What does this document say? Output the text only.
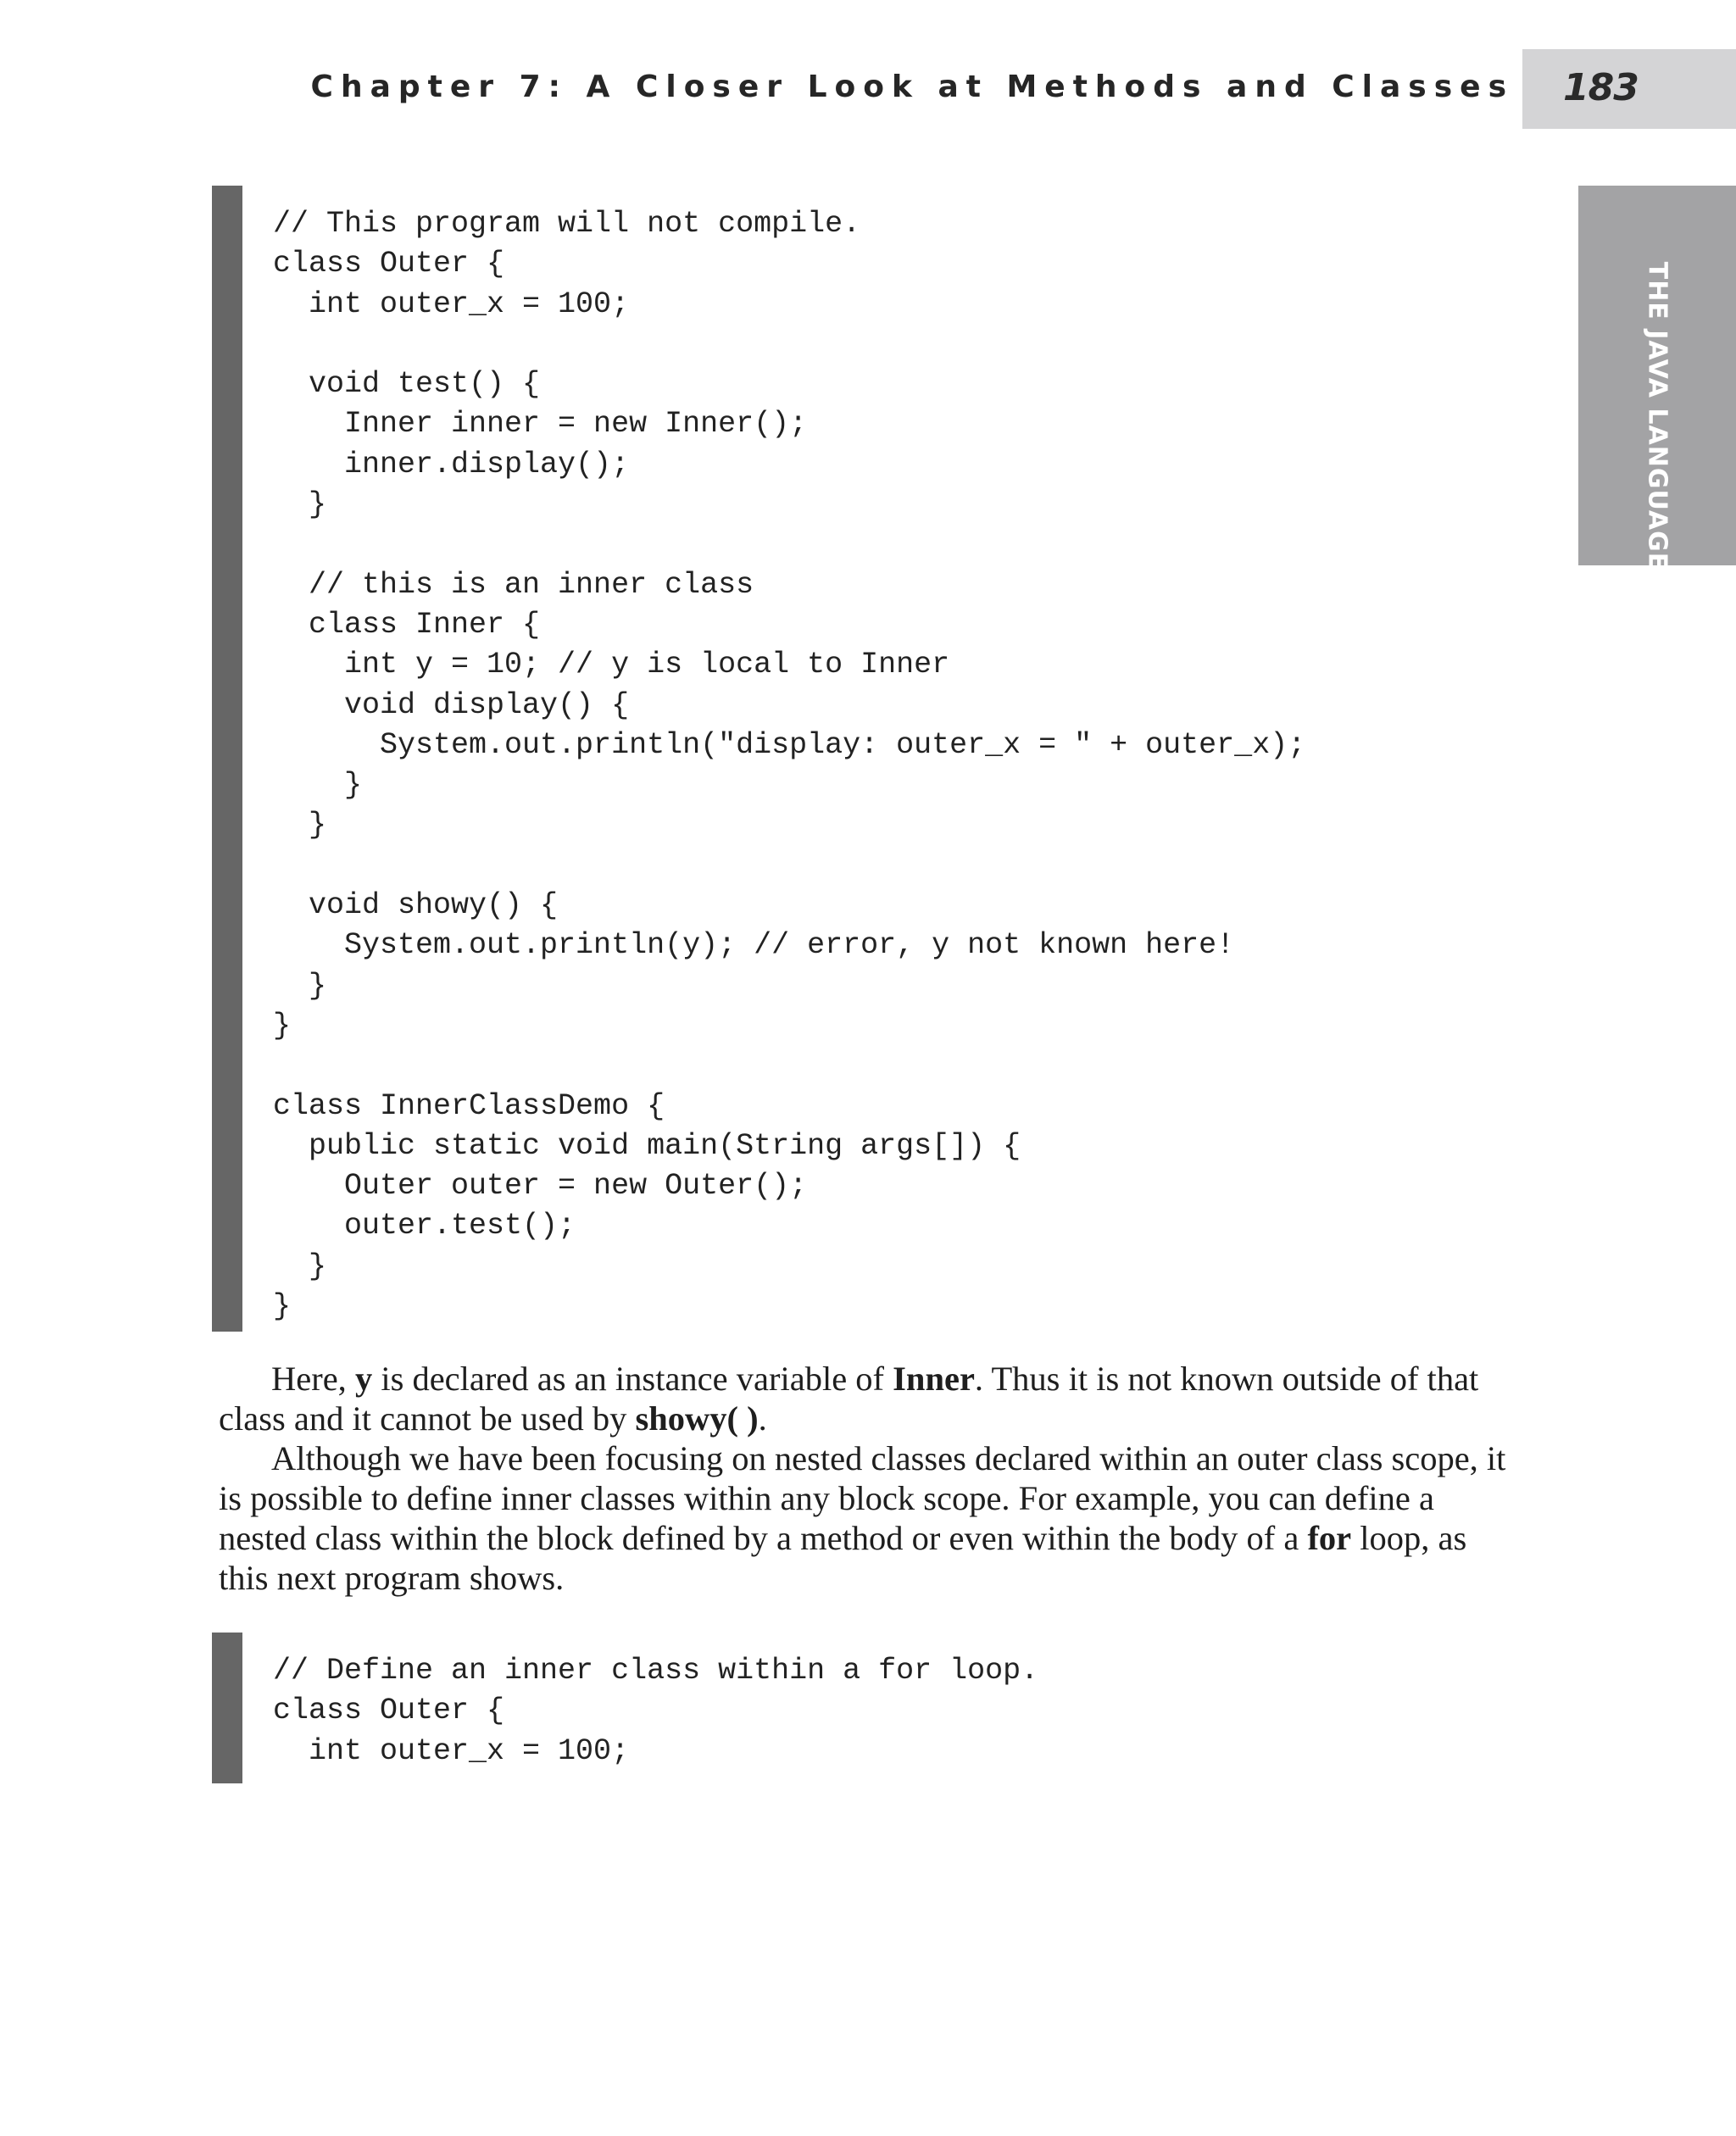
Chapter 7: A Closer Look at Methods and Classes 183
THE JAVA LANGUAGE
// This program will not compile.
class Outer {
int outer_x = 100;

void test() {
Inner inner = new Inner();
inner.display();
}

// this is an inner class
class Inner {
int y = 10; // y is local to Inner
void display() {
System.out.println("display: outer_x = " + outer_x);
}
}

void showy() {
System.out.println(y); // error, y not known here!
}
}

class InnerClassDemo {
public static void main(String args[]) {
Outer outer = new Outer();
outer.test();
}
}

Here, y is declared as an instance variable of Inner. Thus it is not known outside of that class and it cannot be used by showy( ).

Although we have been focusing on nested classes declared within an outer class scope, it is possible to define inner classes within any block scope. For example, you can define a nested class within the block defined by a method or even within the body of a for loop, as this next program shows.

// Define an inner class within a for loop.
class Outer {
int outer_x = 100;
